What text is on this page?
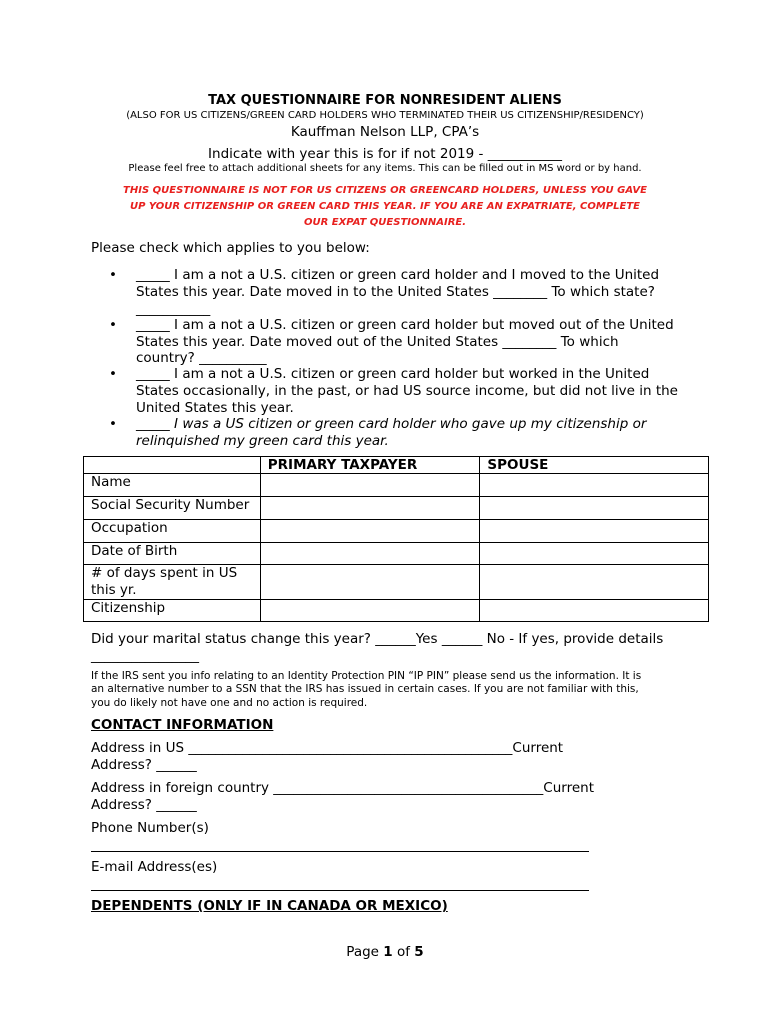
TAX QUESTIONNAIRE FOR NONRESIDENT ALIENS
(ALSO FOR US CITIZENS/GREEN CARD HOLDERS WHO TERMINATED THEIR US CITIZENSHIP/RESIDENCY)
Kauffman Nelson LLP, CPA’s
Indicate with year this is for if not 2019 - ___________
Please feel free to attach additional sheets for any items. This can be filled out in MS word or by hand.
THIS QUESTIONNAIRE IS NOT FOR US CITIZENS OR GREENCARD HOLDERS, UNLESS YOU GAVE
UP YOUR CITIZENSHIP OR GREEN CARD THIS YEAR. IF YOU ARE AN EXPATRIATE, COMPLETE
OUR EXPAT QUESTIONNAIRE.
Please check which applies to you below:
• _____ I am a not a U.S. citizen or green card holder and I moved to the United
States this year. Date moved in to the United States ________ To which state?
___________
• _____ I am a not a U.S. citizen or green card holder but moved out of the United
States this year. Date moved out of the United States ________ To which
country? __________
• _____ I am a not a U.S. citizen or green card holder but worked in the United
States occasionally, in the past, or had US source income, but did not live in the
United States this year.
• _____ I was a US citizen or green card holder who gave up my citizenship or
relinquished my green card this year.
	PRIMARY TAXPAYER	SPOUSE
Name		
Social Security Number		
Occupation		
Date of Birth		
# of days spent in US this yr.		
Citizenship		
Did your marital status change this year? ______Yes ______ No - If yes, provide details
________________
If the IRS sent you info relating to an Identity Protection PIN “IP PIN” please send us the information. It is
an alternative number to a SSN that the IRS has issued in certain cases. If you are not familiar with this,
you do likely not have one and no action is required.
CONTACT INFORMATION
Address in US ________________________________________________Current
Address? ______
Address in foreign country ________________________________________Current
Address? ______
Phone Number(s)
E-mail Address(es)
DEPENDENTS (ONLY IF IN CANADA OR MEXICO)
Page 1 of 5
